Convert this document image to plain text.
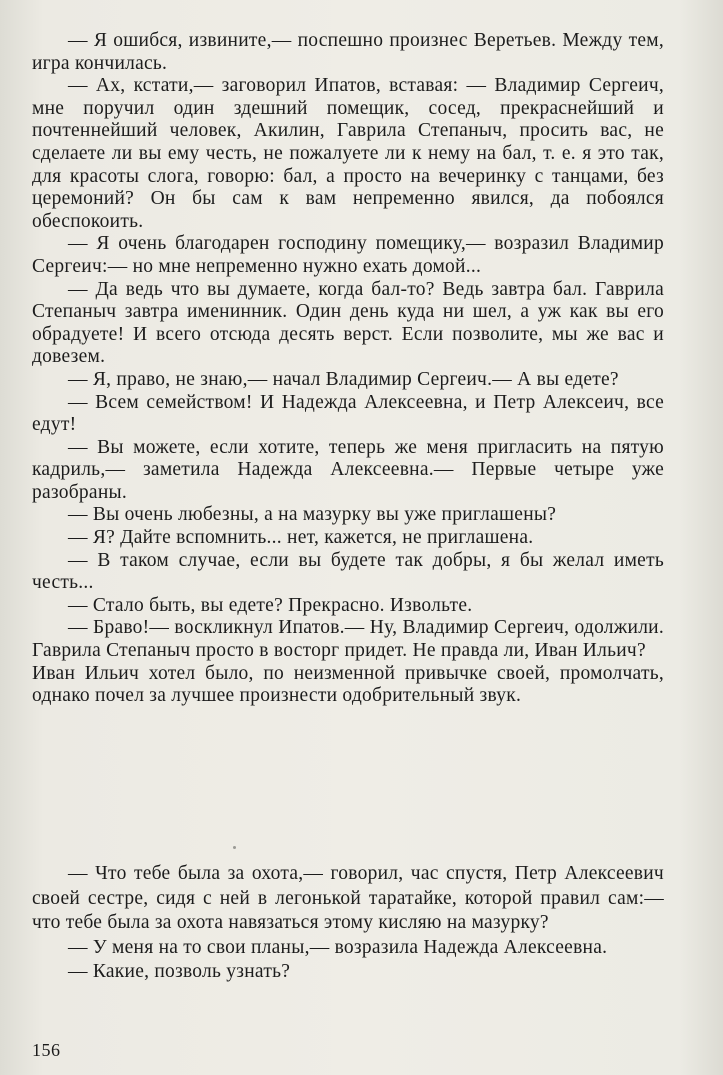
— Я ошибся, извините,— поспешно произнес Веретьев. Между тем, игра кончилась.

— Ах, кстати,— заговорил Ипатов, вставая: — Владимир Сергеич, мне поручил один здешний помещик, сосед, прекраснейший и почтеннейший человек, Акилин, Гаврила Степаныч, просить вас, не сделаете ли вы ему честь, не пожалуете ли к нему на бал, т. е. я это так, для красоты слога, говорю: бал, а просто на вечеринку с танцами, без церемоний? Он бы сам к вам непременно явился, да побоялся обеспокоить.

— Я очень благодарен господину помещику,— возразил Владимир Сергеич:— но мне непременно нужно ехать домой...

— Да ведь что вы думаете, когда бал-то? Ведь завтра бал. Гаврила Степаныч завтра именинник. Один день куда ни шел, а уж как вы его обрадуете! И всего отсюда десять верст. Если позволите, мы же вас и довезем.

— Я, право, не знаю,— начал Владимир Сергеич.— А вы едете?

— Всем семейством! И Надежда Алексеевна, и Петр Алексеич, все едут!

— Вы можете, если хотите, теперь же меня пригласить на пятую кадриль,— заметила Надежда Алексеевна.— Первые четыре уже разобраны.

— Вы очень любезны, а на мазурку вы уже приглашены?

— Я? Дайте вспомнить... нет, кажется, не приглашена.

— В таком случае, если вы будете так добры, я бы желал иметь честь...

— Стало быть, вы едете? Прекрасно. Извольте.

— Браво!— воскликнул Ипатов.— Ну, Владимир Сергеич, одолжили. Гаврила Степаныч просто в восторг придет. Не правда ли, Иван Ильич?

Иван Ильич хотел было, по неизменной привычке своей, промолчать, однако почел за лучшее произнести одобрительный звук.

— Что тебе была за охота,— говорил, час спустя, Петр Алексеевич своей сестре, сидя с ней в легонькой таратайке, которой правил сам:— что тебе была за охота навязаться этому кисляю на мазурку?

— У меня на то свои планы,— возразила Надежда Алексеевна.

— Какие, позволь узнать?

156
